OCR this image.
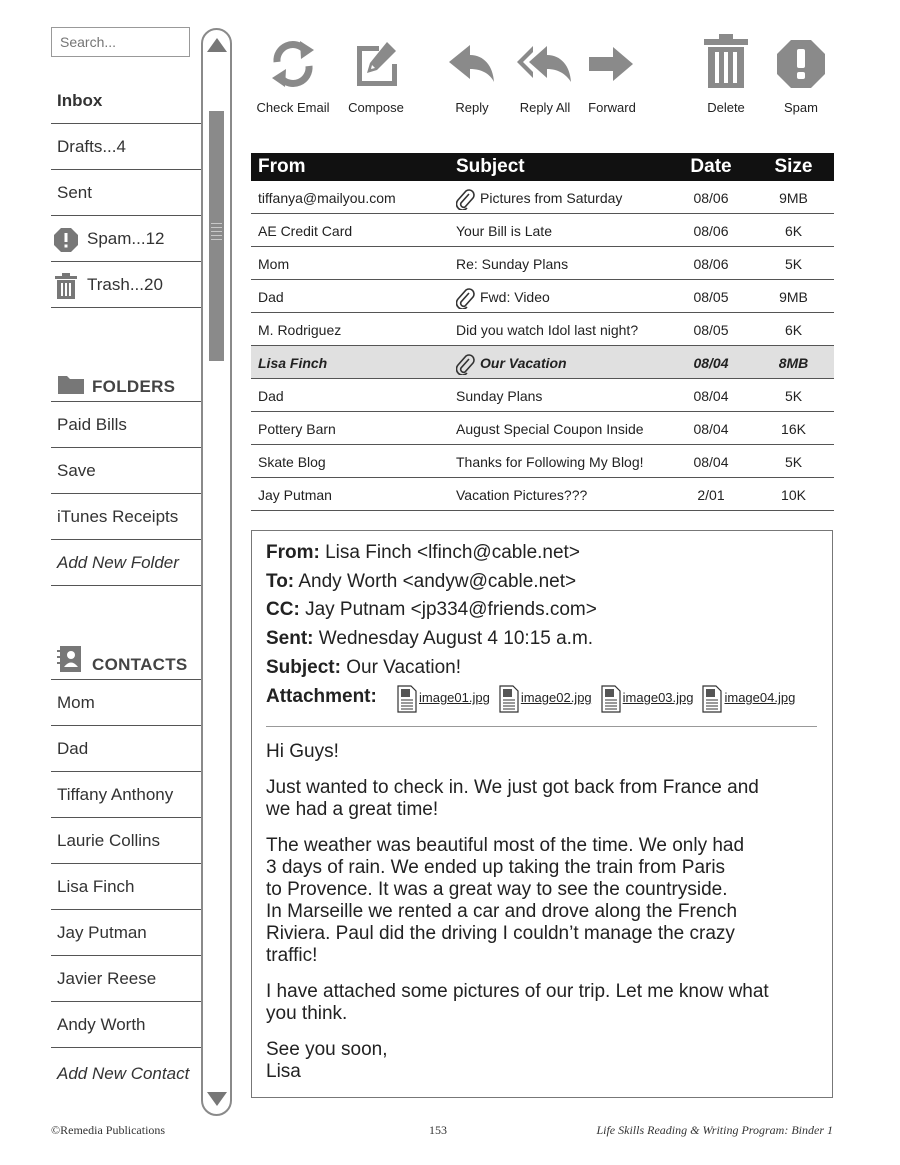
Search...
Inbox
Drafts...4
Sent
Spam...12
Trash...20
FOLDERS
Paid Bills
Save
iTunes Receipts
Add New Folder
CONTACTS
Mom
Dad
Tiffany Anthony
Laurie Collins
Lisa Finch
Jay Putman
Javier Reese
Andy Worth
Add New Contact
Check Email	Compose	Reply	Reply All	Forward	Delete	Spam
From	Subject	Date	Size
tiffanya@mailyou.com	Pictures from Saturday	08/06	9MB
AE Credit Card	Your Bill is Late	08/06	6K
Mom	Re: Sunday Plans	08/06	5K
Dad	Fwd: Video	08/05	9MB
M. Rodriguez	Did you watch Idol last night?	08/05	6K
Lisa Finch	Our Vacation	08/04	8MB
Dad	Sunday Plans	08/04	5K
Pottery Barn	August Special Coupon Inside	08/04	16K
Skate Blog	Thanks for Following My Blog!	08/04	5K
Jay Putman	Vacation Pictures???	2/01	10K
From: Lisa Finch <lfinch@cable.net>
To: Andy Worth <andyw@cable.net>
CC: Jay Putnam <jp334@friends.com>
Sent: Wednesday August 4 10:15 a.m.
Subject: Our Vacation!
Attachment:	image01.jpg	image02.jpg	image03.jpg	image04.jpg

Hi Guys!

Just wanted to check in. We just got back from France and
we had a great time!

The weather was beautiful most of the time. We only had
3 days of rain. We ended up taking the train from Paris
to Provence. It was a great way to see the countryside.
In Marseille we rented a car and drove along the French
Riviera. Paul did the driving I couldn’t manage the crazy
traffic!

I have attached some pictures of our trip. Let me know what
you think.

See you soon,
Lisa

©Remedia Publications	153	Life Skills Reading & Writing Program: Binder 1
